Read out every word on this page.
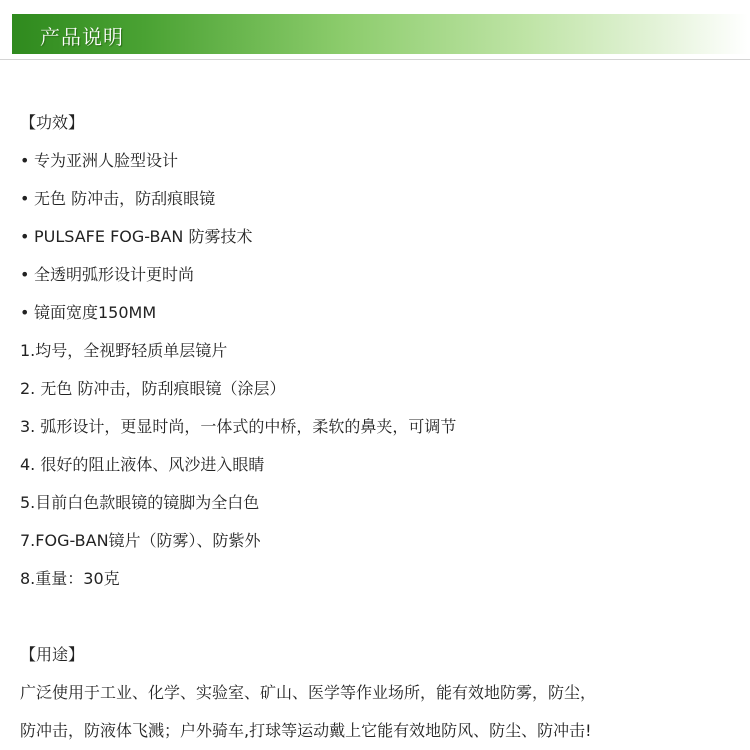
产品说明
【功效】
• 专为亚洲人脸型设计
• 无色 防冲击，防刮痕眼镜
• PULSAFE FOG-BAN 防雾技术
• 全透明弧形设计更时尚
• 镜面宽度150MM
1.均号，全视野轻质单层镜片
2. 无色 防冲击，防刮痕眼镜（涂层）
3. 弧形设计，更显时尚，一体式的中桥，柔软的鼻夹，可调节
4. 很好的阻止液体、风沙进入眼睛
5.目前白色款眼镜的镜脚为全白色
7.FOG-BAN镜片（防雾）、防紫外
8.重量：30克
【用途】
广泛使用于工业、化学、实验室、矿山、医学等作业场所，能有效地防雾，防尘，
防冲击，防液体飞溅；户外骑车,打球等运动戴上它能有效地防风、防尘、防冲击!
